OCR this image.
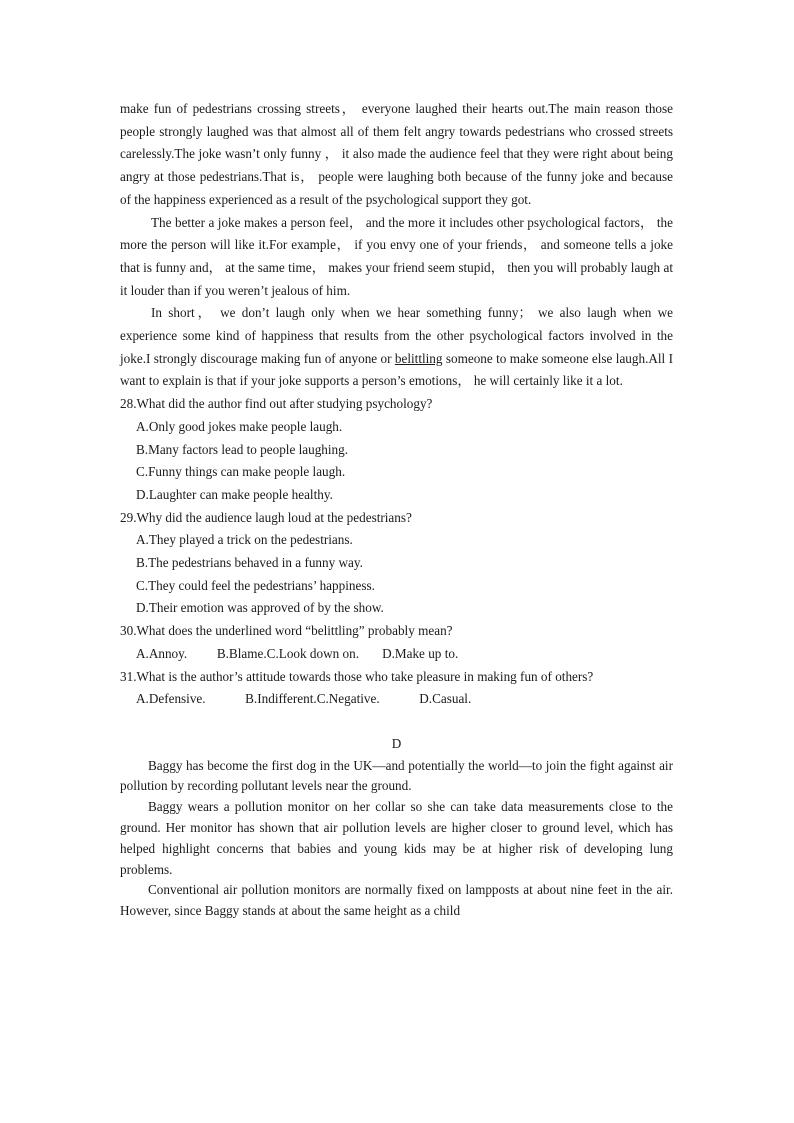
make fun of pedestrians crossing streets， everyone laughed their hearts out.The main reason those people strongly laughed was that almost all of them felt angry towards pedestrians who crossed streets carelessly.The joke wasn’t only funny ， it also made the audience feel that they were right about being angry at those pedestrians.That is， people were laughing both because of the funny joke and because of the happiness experienced as a result of the psychological support they got.

The better a joke makes a person feel， and the more it includes other psychological factors， the more the person will like it.For example， if you envy one of your friends， and someone tells a joke that is funny and， at the same time， makes your friend seem stupid， then you will probably laugh at it louder than if you weren’t jealous of him.

In short， we don’t laugh only when we hear something funny； we also laugh when we experience some kind of happiness that results from the other psychological factors involved in the joke.I strongly discourage making fun of anyone or belittling someone to make someone else laugh.All I want to explain is that if your joke supports a person’s emotions， he will certainly like it a lot.

28.What did the author find out after studying psychology?

A.Only good jokes make people laugh.

B.Many factors lead to people laughing.

C.Funny things can make people laugh.

D.Laughter can make people healthy.

29.Why did the audience laugh loud at the pedestrians?

A.They played a trick on the pedestrians.

B.The pedestrians behaved in a funny way.

C.They could feel the pedestrians’ happiness.

D.Their emotion was approved of by the show.

30.What does the underlined word “belittling” probably mean?

A.Annoy. B.Blame.C.Look down on. D.Make up to.

31.What is the author’s attitude towards those who take pleasure in making fun of others?

A.Defensive.	B.Indifferent.C.Negative.	D.Casual.

D

Baggy has become the first dog in the UK—and potentially the world—to join the fight against air pollution by recording pollutant levels near the ground.

Baggy wears a pollution monitor on her collar so she can take data measurements close to the ground. Her monitor has shown that air pollution levels are higher closer to ground level, which has helped highlight concerns that babies and young kids may be at higher risk of developing lung problems.

Conventional air pollution monitors are normally fixed on lampposts at about nine feet in the air. However, since Baggy stands at about the same height as a child
